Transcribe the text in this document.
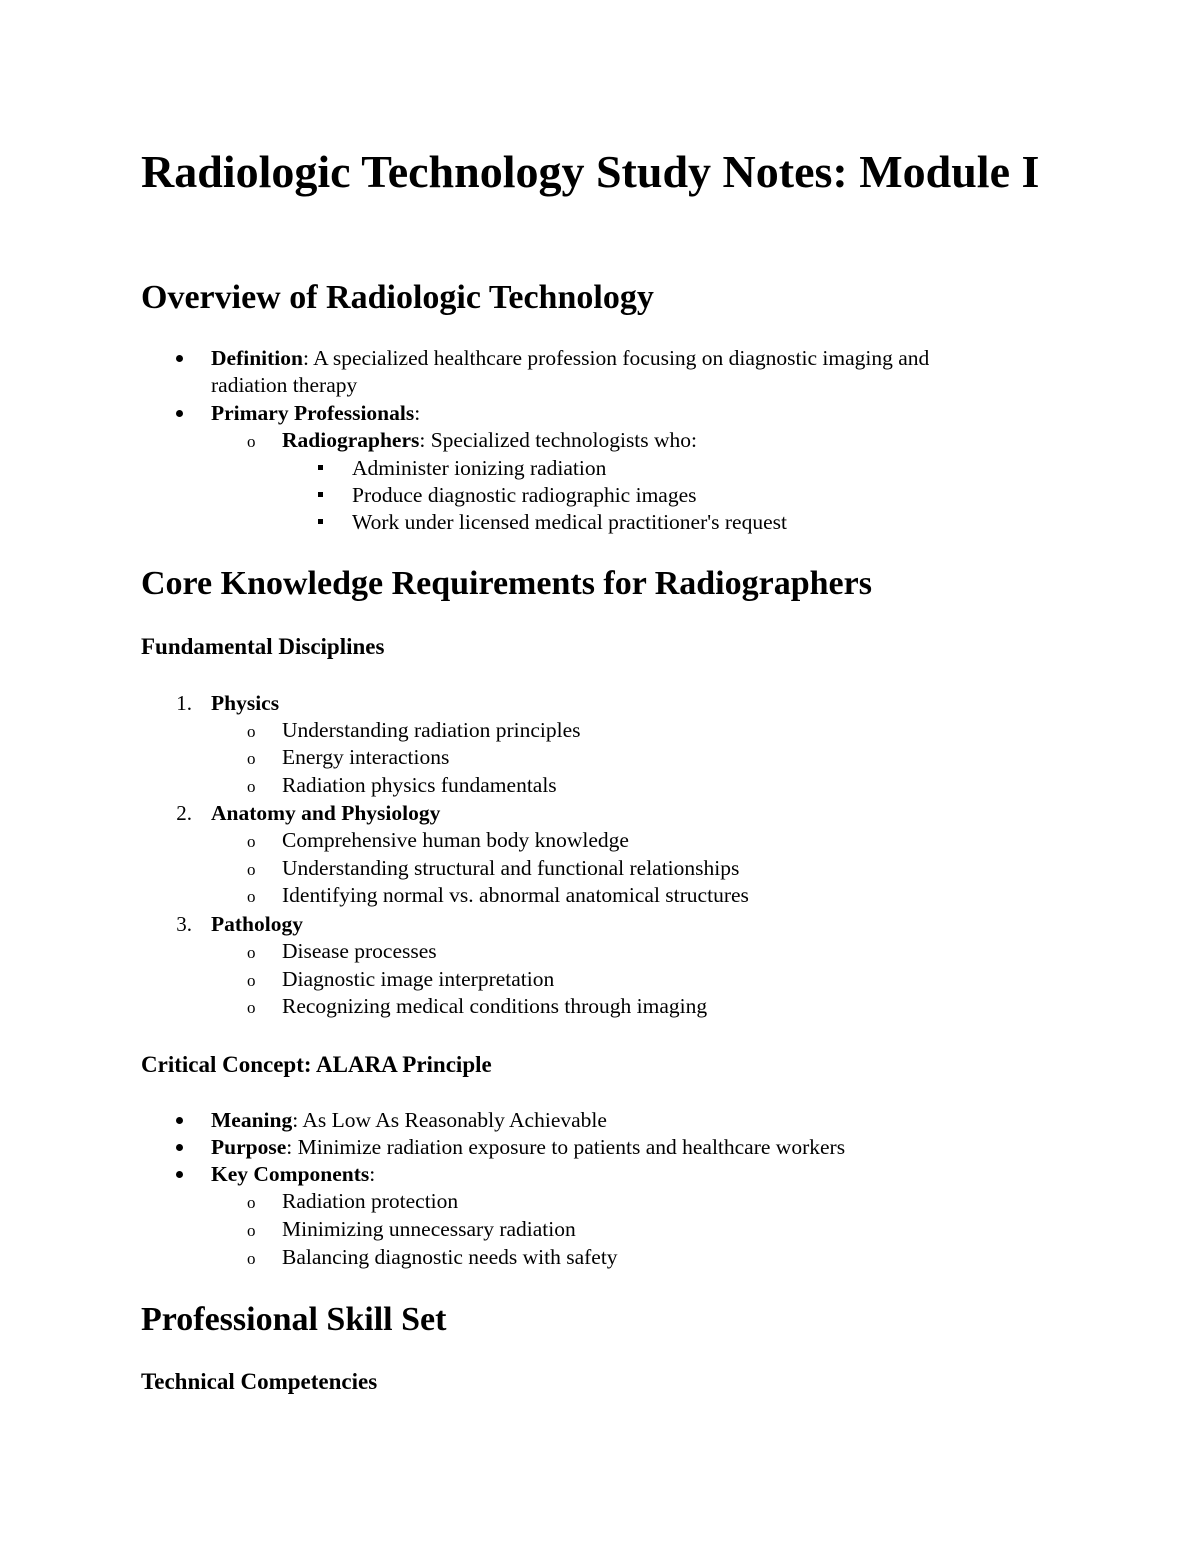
Radiologic Technology Study Notes: Module I
Overview of Radiologic Technology
Definition: A specialized healthcare profession focusing on diagnostic imaging and
radiation therapy
Primary Professionals:
o Radiographers: Specialized technologists who:
Administer ionizing radiation
Produce diagnostic radiographic images
Work under licensed medical practitioner's request
Core Knowledge Requirements for Radiographers
Fundamental Disciplines
1. Physics
o Understanding radiation principles
o Energy interactions
o Radiation physics fundamentals
2. Anatomy and Physiology
o Comprehensive human body knowledge
o Understanding structural and functional relationships
o Identifying normal vs. abnormal anatomical structures
3. Pathology
o Disease processes
o Diagnostic image interpretation
o Recognizing medical conditions through imaging
Critical Concept: ALARA Principle
Meaning: As Low As Reasonably Achievable
Purpose: Minimize radiation exposure to patients and healthcare workers
Key Components:
o Radiation protection
o Minimizing unnecessary radiation
o Balancing diagnostic needs with safety
Professional Skill Set
Technical Competencies
